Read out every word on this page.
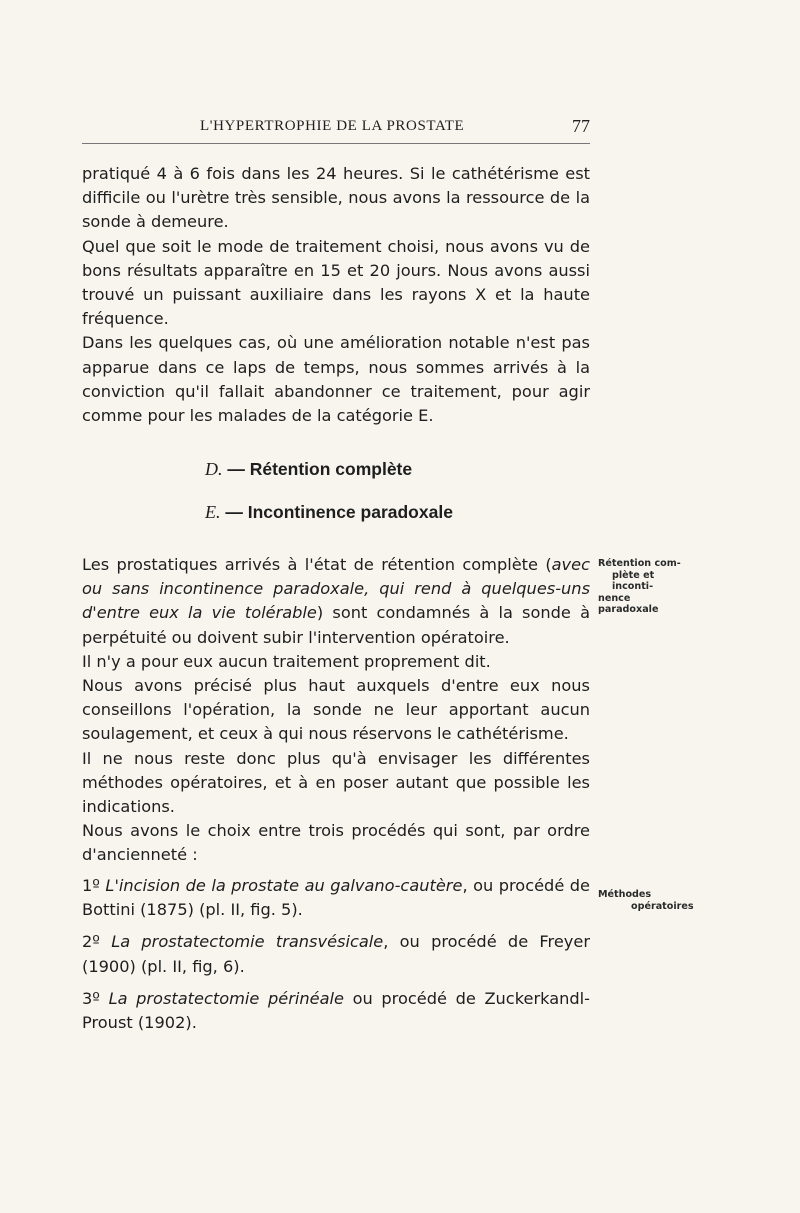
L'HYPERTROPHIE DE LA PROSTATE	77

pratiqué 4 à 6 fois dans les 24 heures. Si le cathétérisme est difficile ou l'urètre très sensible, nous avons la ressource de la sonde à demeure.

Quel que soit le mode de traitement choisi, nous avons vu de bons résultats apparaître en 15 et 20 jours. Nous avons aussi trouvé un puissant auxiliaire dans les rayons X et la haute fréquence.

Dans les quelques cas, où une amélioration notable n'est pas apparue dans ce laps de temps, nous sommes arrivés à la conviction qu'il fallait abandonner ce traitement, pour agir comme pour les malades de la catégorie E.

D. — Rétention complète
E. — Incontinence paradoxale

Les prostatiques arrivés à l'état de rétention complète (avec ou sans incontinence paradoxale, qui rend à quelques-uns d'entre eux la vie tolérable) sont condamnés à la sonde à perpétuité ou doivent subir l'intervention opératoire.

Il n'y a pour eux aucun traitement proprement dit.

Nous avons précisé plus haut auxquels d'entre eux nous conseillons l'opération, la sonde ne leur apportant aucun soulagement, et ceux à qui nous réservons le cathétérisme.

Il ne nous reste donc plus qu'à envisager les différentes méthodes opératoires, et à en poser autant que possible les indications.

Nous avons le choix entre trois procédés qui sont, par ordre d'ancienneté :

1º L'incision de la prostate au galvano-cautère, ou procédé de Bottini (1875) (pl. II, fig. 5).

2º La prostatectomie transvésicale, ou procédé de Freyer (1900) (pl. II, fig, 6).

3º La prostatectomie périnéale ou procédé de Zuckerkandl-Proust (1902).

Rétention com-
plète et inconti-
nence paradoxale
Méthodes
opératoires
